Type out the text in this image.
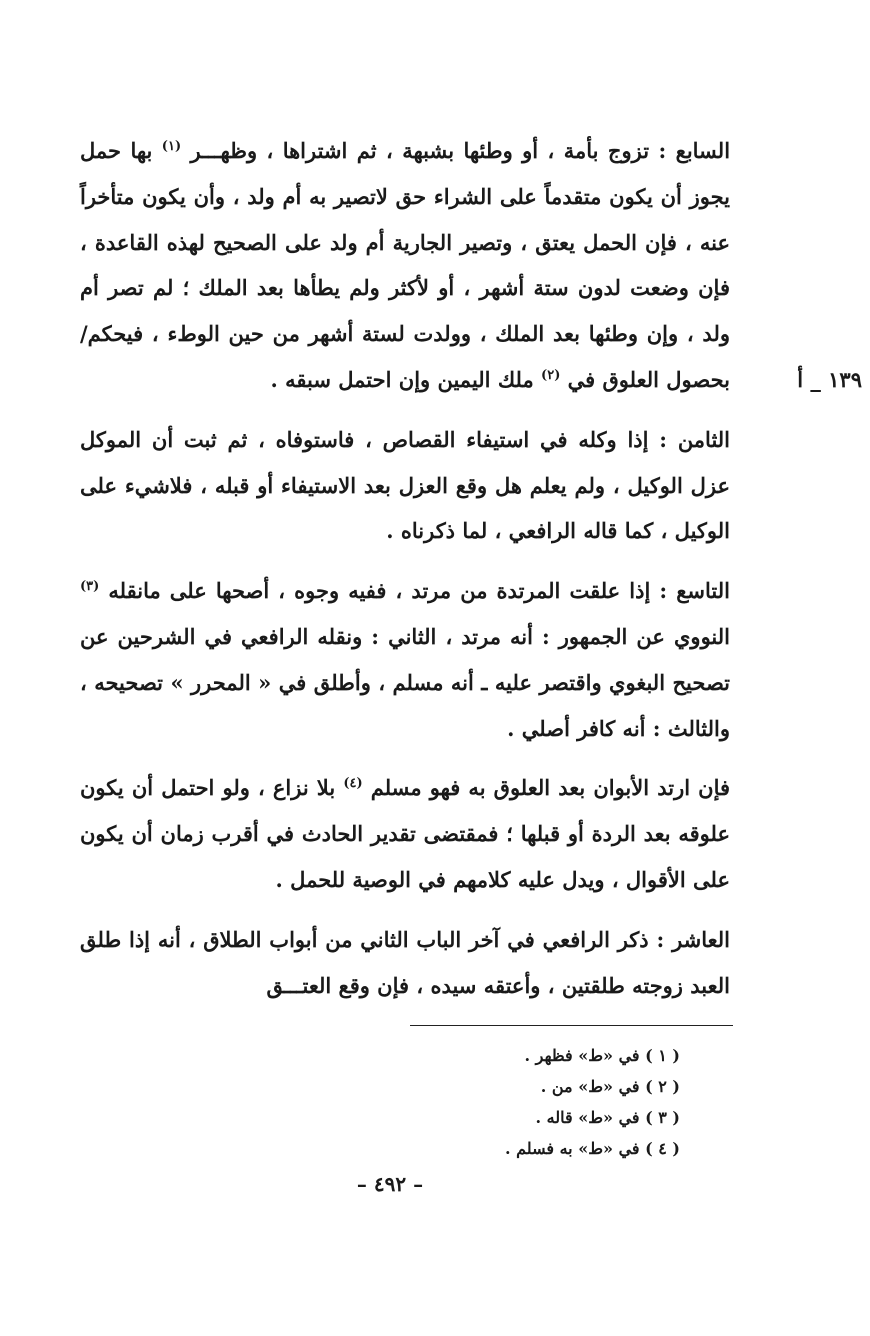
١٣٩ _ أ

السابع : تزوج بأمة ، أو وطئها بشبهة ، ثم اشتراها ، وظهـــر $^{(١)}$ بها حمل يجوز أن يكون متقدماً على الشراء حق لاتصير به أم ولد ، وأن يكون متأخراً عنه ، فإن الحمل يعتق ، وتصير الجارية أم ولد على الصحيح لهذه القاعدة ، فإن وضعت لدون ستة أشهر ، أو لأكثر ولم يطأها بعد الملك ؛ لم تصر أم ولد ، وإن وطئها بعد الملك ، وولدت لستة أشهر من حين الوطء ، فيحكم/بحصول العلوق في $^{(٢)}$ ملك اليمين وإن احتمل سبقه .

الثامن : إذا وكله في استيفاء القصاص ، فاستوفاه ، ثم ثبت أن الموكل عزل الوكيل ، ولم يعلم هل وقع العزل بعد الاستيفاء أو قبله ، فلاشيء على الوكيل ، كما قاله الرافعي ، لما ذكرناه .

التاسع : إذا علقت المرتدة من مرتد ، ففيه وجوه ، أصحها على مانقله $^{(٣)}$ النووي عن الجمهور : أنه مرتد ، الثاني : ونقله الرافعي في الشرحين عن تصحيح البغوي واقتصر عليه ـ أنه مسلم ، وأطلق في « المحرر » تصحيحه ، والثالث : أنه كافر أصلي .

فإن ارتد الأبوان بعد العلوق به فهو مسلم $^{(٤)}$ بلا نزاع ، ولو احتمل أن يكون علوقه بعد الردة أو قبلها ؛ فمقتضى تقدير الحادث في أقرب زمان أن يكون على الأقوال ، ويدل عليه كلامهم في الوصية للحمل .

العاشر : ذكر الرافعي في آخر الباب الثاني من أبواب الطلاق ، أنه إذا طلق العبد زوجته طلقتين ، وأعتقه سيده ، فإن وقع العتـــق

( ١ ) في «ط» فظهر .
( ٢ ) في «ط» من .
( ٣ ) في «ط» قاله .
( ٤ ) في «ط» به فسلم .
– ٤٩٢ –
